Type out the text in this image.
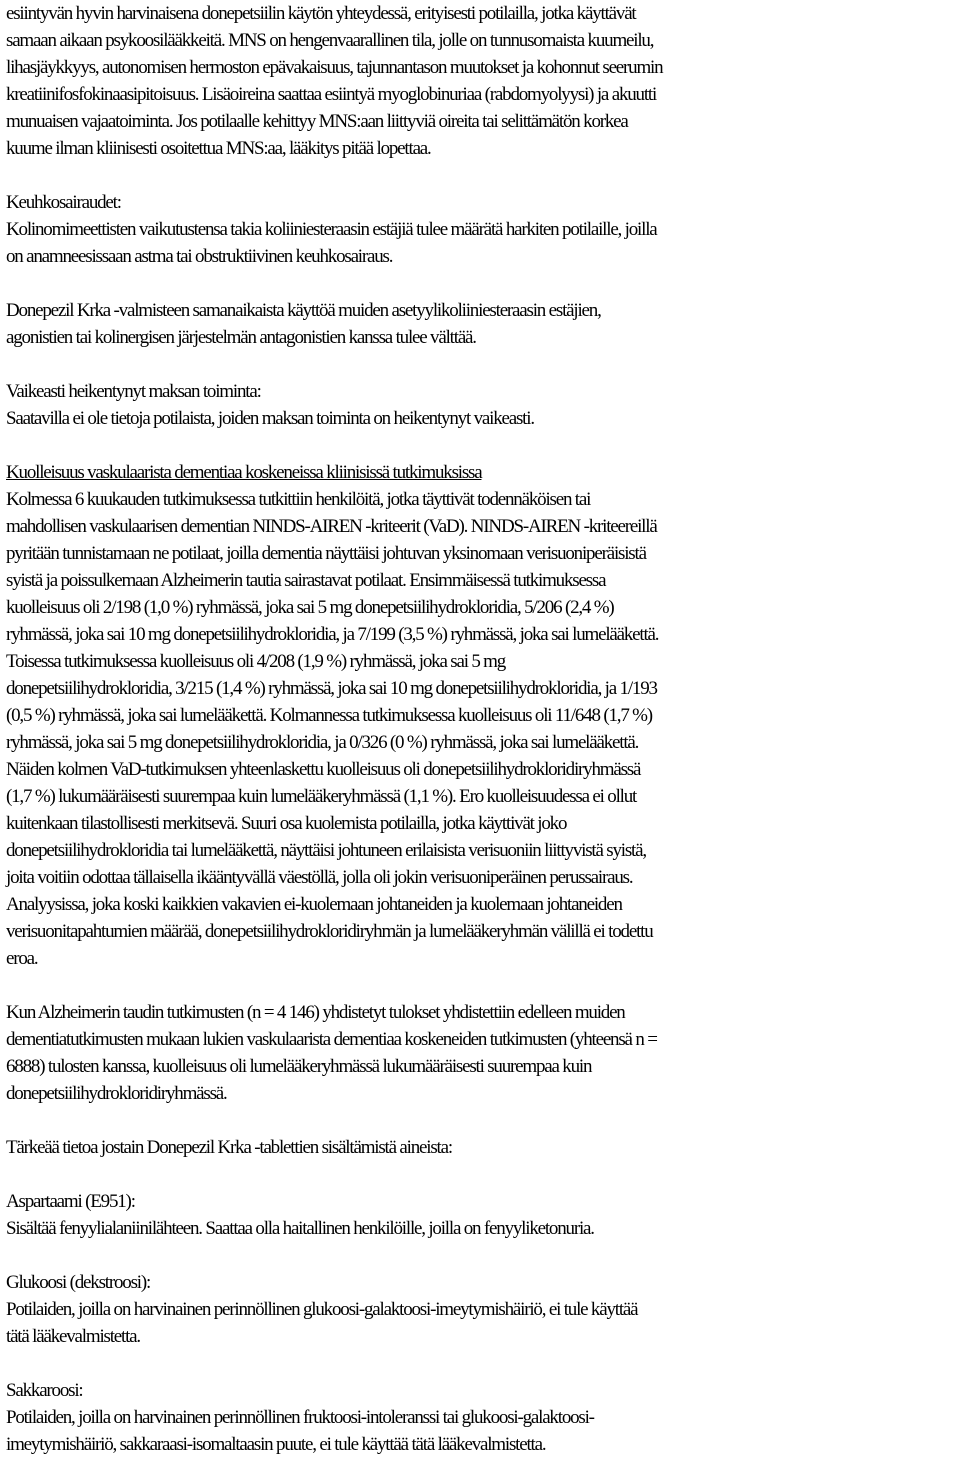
esiintyvän hyvin harvinaisena donepetsiilin käytön yhteydessä, erityisesti potilailla, jotka käyttävät
samaan aikaan psykoosilääkkeitä. MNS on hengenvaarallinen tila, jolle on tunnusomaista kuumeilu,
lihasjäykkyys, autonomisen hermoston epävakaisuus, tajunnantason muutokset ja kohonnut seerumin
kreatiinifosfokinaasipitoisuus. Lisäoireina saattaa esiintyä myoglobinuriaa (rabdomyolyysi) ja akuutti
munuaisen vajaatoiminta. Jos potilaalle kehittyy MNS:aan liittyviä oireita tai selittämätön korkea
kuume ilman kliinisesti osoitettua MNS:aa, lääkitys pitää lopettaa.
Keuhkosairaudet:
Kolinomimeettisten vaikutustensa takia koliiniesteraasin estäjiä tulee määrätä harkiten potilaille, joilla
on anamneesissaan astma tai obstruktiivinen keuhkosairaus.
Donepezil Krka -valmisteen samanaikaista käyttöä muiden asetyylikoliiniesteraasin estäjien,
agonistien tai kolinergisen järjestelmän antagonistien kanssa tulee välttää.
Vaikeasti heikentynyt maksan toiminta:
Saatavilla ei ole tietoja potilaista, joiden maksan toiminta on heikentynyt vaikeasti.
Kuolleisuus vaskulaarista dementiaa koskeneissa kliinisissä tutkimuksissa
Kolmessa 6 kuukauden tutkimuksessa tutkittiin henkilöitä, jotka täyttivät todennäköisen tai
mahdollisen vaskulaarisen dementian NINDS-AIREN -kriteerit (VaD). NINDS-AIREN -kriteereillä
pyritään tunnistamaan ne potilaat, joilla dementia näyttäisi johtuvan yksinomaan verisuoniperäisistä
syistä ja poissulkemaan Alzheimerin tautia sairastavat potilaat. Ensimmäisessä tutkimuksessa
kuolleisuus oli 2/198 (1,0 %) ryhmässä, joka sai 5 mg donepetsiilihydrokloridia, 5/206 (2,4 %)
ryhmässä, joka sai 10 mg donepetsiilihydrokloridia, ja 7/199 (3,5 %) ryhmässä, joka sai lumelääkettä.
Toisessa tutkimuksessa kuolleisuus oli 4/208 (1,9 %) ryhmässä, joka sai 5 mg
donepetsiilihydrokloridia, 3/215 (1,4 %) ryhmässä, joka sai 10 mg donepetsiilihydrokloridia, ja 1/193
(0,5 %) ryhmässä, joka sai lumelääkettä. Kolmannessa tutkimuksessa kuolleisuus oli 11/648 (1,7 %)
ryhmässä, joka sai 5 mg donepetsiilihydrokloridia, ja 0/326 (0 %) ryhmässä, joka sai lumelääkettä.
Näiden kolmen VaD-tutkimuksen yhteenlaskettu kuolleisuus oli donepetsiilihydrokloridiryhmässä
(1,7 %) lukumääräisesti suurempaa kuin lumelääkeryhmässä (1,1 %). Ero kuolleisuudessa ei ollut
kuitenkaan tilastollisesti merkitsevä. Suuri osa kuolemista potilailla, jotka käyttivät joko
donepetsiilihydrokloridia tai lumelääkettä, näyttäisi johtuneen erilaisista verisuoniin liittyvistä syistä,
joita voitiin odottaa tällaisella ikääntyvällä väestöllä, jolla oli jokin verisuoniperäinen perussairaus.
Analyysissa, joka koski kaikkien vakavien ei-kuolemaan johtaneiden ja kuolemaan johtaneiden
verisuonitapahtumien määrää, donepetsiilihydrokloridiryhmän ja lumelääkeryhmän välillä ei todettu
eroa.
Kun Alzheimerin taudin tutkimusten (n = 4 146) yhdistetyt tulokset yhdistettiin edelleen muiden
dementiatutkimusten mukaan lukien vaskulaarista dementiaa koskeneiden tutkimusten (yhteensä n =
6888) tulosten kanssa, kuolleisuus oli lumelääkeryhmässä lukumääräisesti suurempaa kuin
donepetsiilihydrokloridiryhmässä.
Tärkeää tietoa jostain Donepezil Krka -tablettien sisältämistä aineista:
Aspartaami (E951):
Sisältää fenyylialaniinilähteen. Saattaa olla haitallinen henkilöille, joilla on fenyyliketonuria.
Glukoosi (dekstroosi):
Potilaiden, joilla on harvinainen perinnöllinen glukoosi-galaktoosi-imeytymishäiriö, ei tule käyttää
tätä lääkevalmistetta.
Sakkaroosi:
Potilaiden, joilla on harvinainen perinnöllinen fruktoosi-intoleranssi tai glukoosi-galaktoosi-
imeytymishäiriö, sakkaraasi-isomaltaasin puute, ei tule käyttää tätä lääkevalmistetta.
